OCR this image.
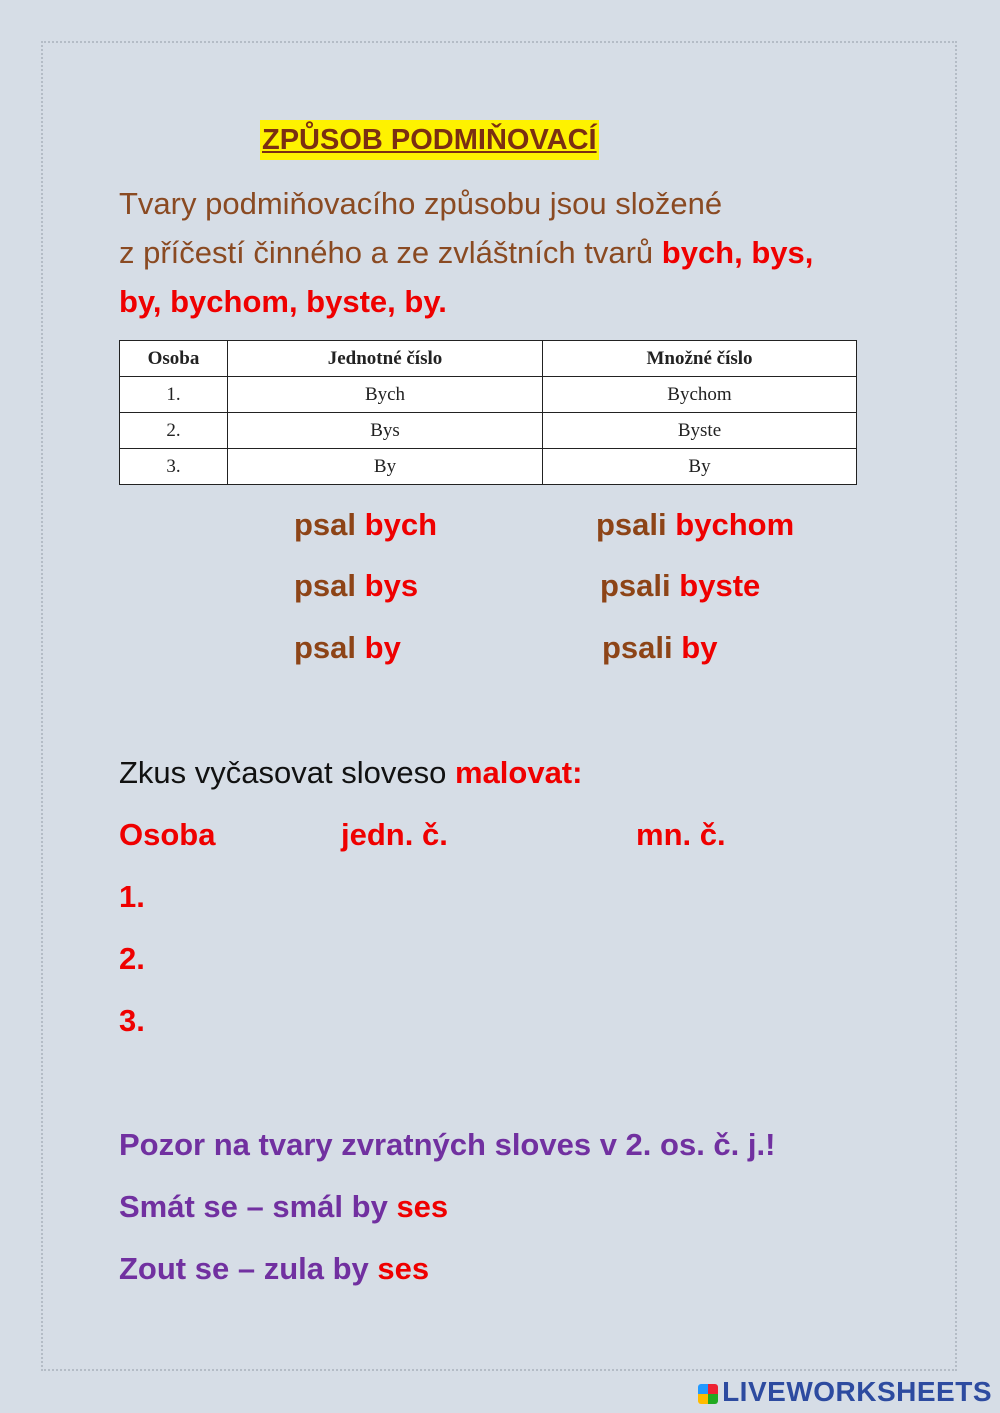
ZPŮSOB PODMIŇOVACÍ
Tvary podmiňovacího způsobu jsou složené
z příčestí činného a ze zvláštních tvarů bych, bys,
by, bychom, byste, by.
Osoba	Jednotné číslo	Množné číslo
1.	Bych	Bychom
2.	Bys	Byste
3.	By	By
psal bych	psali bychom
psal bys	psali byste
psal by	psali by
Zkus vyčasovat sloveso malovat:
Osoba	jedn. č.	mn. č.
1.
2.
3.
Pozor na tvary zvratných sloves v 2. os. č. j.!
Smát se – smál by ses
Zout se – zula by ses
LIVEWORKSHEETS
